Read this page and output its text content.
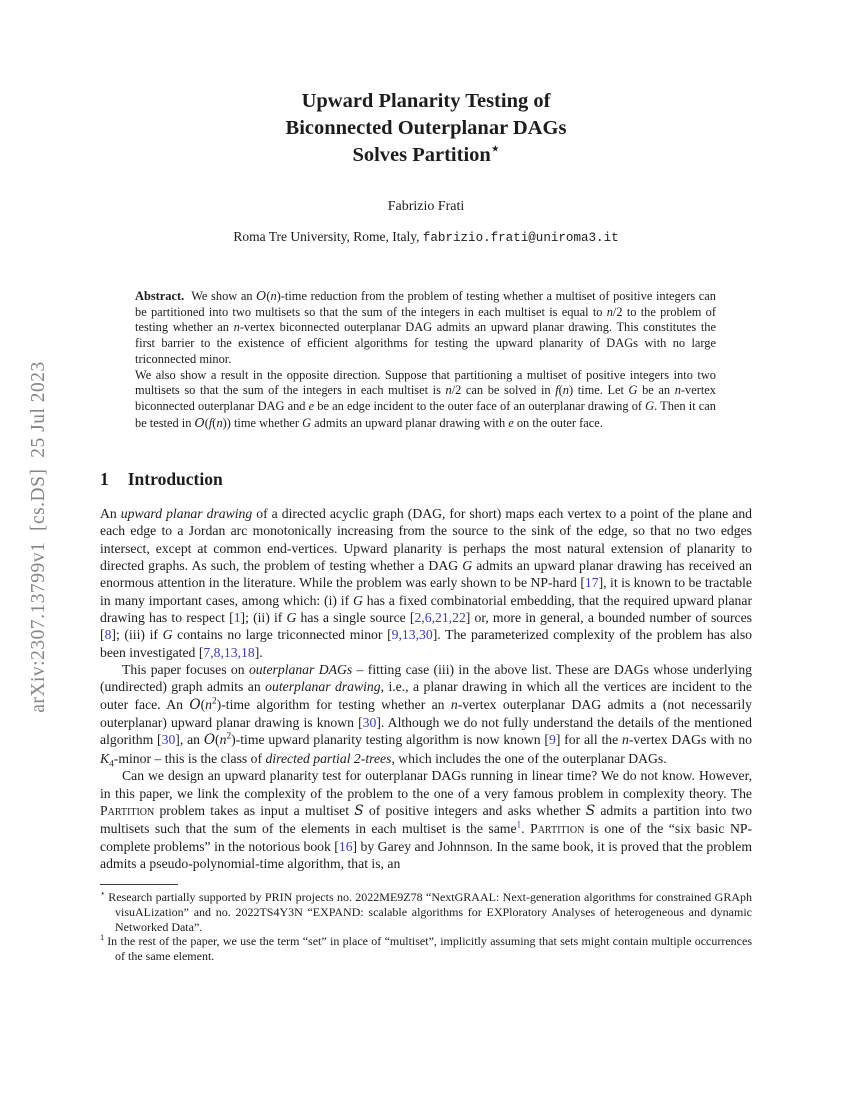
arXiv:2307.13799v1  [cs.DS]  25 Jul 2023
Upward Planarity Testing of
Biconnected Outerplanar DAGs
Solves Partition⋆
Fabrizio Frati
Roma Tre University, Rome, Italy, fabrizio.frati@uniroma3.it

Abstract.  We show an O(n)-time reduction from the problem of testing whether a multiset of positive integers can be partitioned into two multisets so that the sum of the integers in each multiset is equal to n/2 to the problem of testing whether an n-vertex biconnected outerplanar DAG admits an upward planar drawing. This constitutes the first barrier to the existence of efficient algorithms for testing the upward planarity of DAGs with no large triconnected minor.

We also show a result in the opposite direction. Suppose that partitioning a multiset of positive integers into two multisets so that the sum of the integers in each multiset is n/2 can be solved in f(n) time. Let G be an n-vertex biconnected outerplanar DAG and e be an edge incident to the outer face of an outerplanar drawing of G. Then it can be tested in O(f(n)) time whether G admits an upward planar drawing with e on the outer face.

1 Introduction

An upward planar drawing of a directed acyclic graph (DAG, for short) maps each vertex to a point of the plane and each edge to a Jordan arc monotonically increasing from the source to the sink of the edge, so that no two edges intersect, except at common end-vertices. Upward planarity is perhaps the most natural extension of planarity to directed graphs. As such, the problem of testing whether a DAG G admits an upward planar drawing has received an enormous attention in the literature. While the problem was early shown to be NP-hard [17], it is known to be tractable in many important cases, among which: (i) if G has a fixed combinatorial embedding, that the required upward planar drawing has to respect [1]; (ii) if G has a single source [2,6,21,22] or, more in general, a bounded number of sources [8]; (iii) if G contains no large triconnected minor [9,13,30]. The parameterized complexity of the problem has also been investigated [7,8,13,18].

This paper focuses on outerplanar DAGs – fitting case (iii) in the above list. These are DAGs whose underlying (undirected) graph admits an outerplanar drawing, i.e., a planar drawing in which all the vertices are incident to the outer face. An $O(n^2)$-time algorithm for testing whether an n-vertex outerplanar DAG admits a (not necessarily outerplanar) upward planar drawing is known [30]. Although we do not fully understand the details of the mentioned algorithm [30], an $O(n^2)$-time upward planarity testing algorithm is now known [9] for all the n-vertex DAGs with no $K_4$-minor – this is the class of directed partial 2-trees, which includes the one of the outerplanar DAGs.

Can we design an upward planarity test for outerplanar DAGs running in linear time? We do not know. However, in this paper, we link the complexity of the problem to the one of a very famous problem in complexity theory. The Partition problem takes as input a multiset S of positive integers and asks whether S admits a partition into two multisets such that the sum of the elements in each multiset is the same$^1$. Partition is one of the “six basic NP-complete problems” in the notorious book [16] by Garey and Johnnson. In the same book, it is proved that the problem admits a pseudo-polynomial-time algorithm, that is, an

⋆ Research partially supported by PRIN projects no. 2022ME9Z78 “NextGRAAL: Next-generation algorithms for constrained GRAph visuALization” and no. 2022TS4Y3N “EXPAND: scalable algorithms for EXPloratory Analyses of heterogeneous and dynamic Networked Data”.

$^1$ In the rest of the paper, we use the term “set” in place of “multiset”, implicitly assuming that sets might contain multiple occurrences of the same element.
